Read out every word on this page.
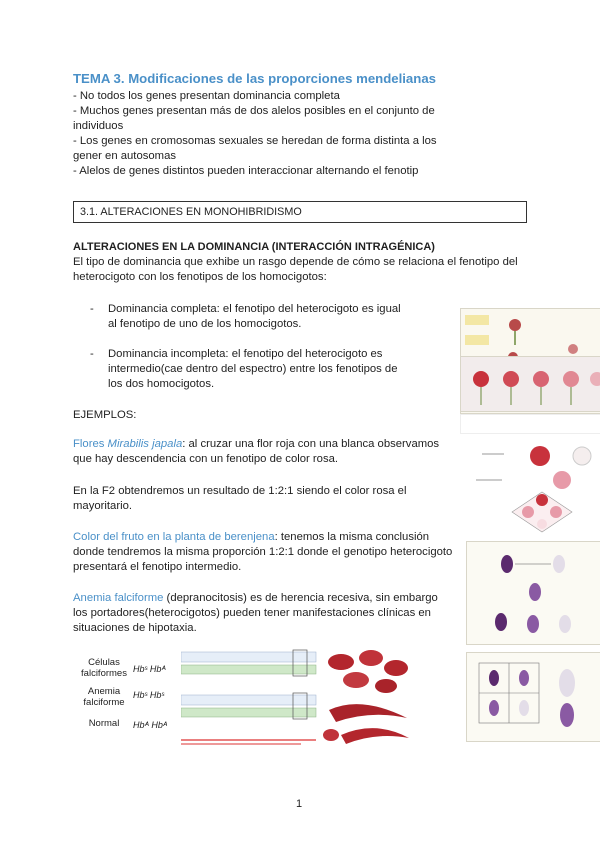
TEMA 3. Modificaciones de las proporciones mendelianas
- No todos los genes presentan dominancia completa
- Muchos genes presentan más de dos alelos posibles en el conjunto de individuos
- Los genes en cromosomas sexuales se heredan de forma distinta a los gener en autosomas
- Alelos de genes distintos pueden interaccionar alternando el fenotip
3.1. ALTERACIONES EN MONOHIBRIDISMO
ALTERACIONES EN LA DOMINANCIA (INTERACCIÓN INTRAGÉNICA)
El tipo de dominancia que exhibe un rasgo depende de cómo se relaciona el fenotipo del heterocigoto con los fenotipos de los homocigotos:
- Dominancia completa: el fenotipo del heterocigoto es igual al fenotipo de uno de los homocigotos.
- Dominancia incompleta: el fenotipo del heterocigoto es intermedio(cae dentro del espectro) entre los fenotipos de los dos homocigotos.
EJEMPLOS:
Flores Mirabilis japala: al cruzar una flor roja con una blanca observamos que hay descendencia con un fenotipo de color rosa.
En la F2 obtendremos un resultado de 1:2:1 siendo el color rosa el mayoritario.
Color del fruto en la planta de berenjena: tenemos la misma conclusión donde tendremos la misma proporción 1:2:1 donde el genotipo heterocigoto presentará el fenotipo intermedio.
Anemia falciforme (depranocitosis) es de herencia recesiva, sin embargo los portadores(heterocigotos) pueden tener manifestaciones clínicas en situaciones de hipotaxia.
Células falciformes
Anemia falciforme
Normal
Hbˢ Hbᴬ
Hbˢ Hbˢ
Hbᴬ Hbᴬ
1
